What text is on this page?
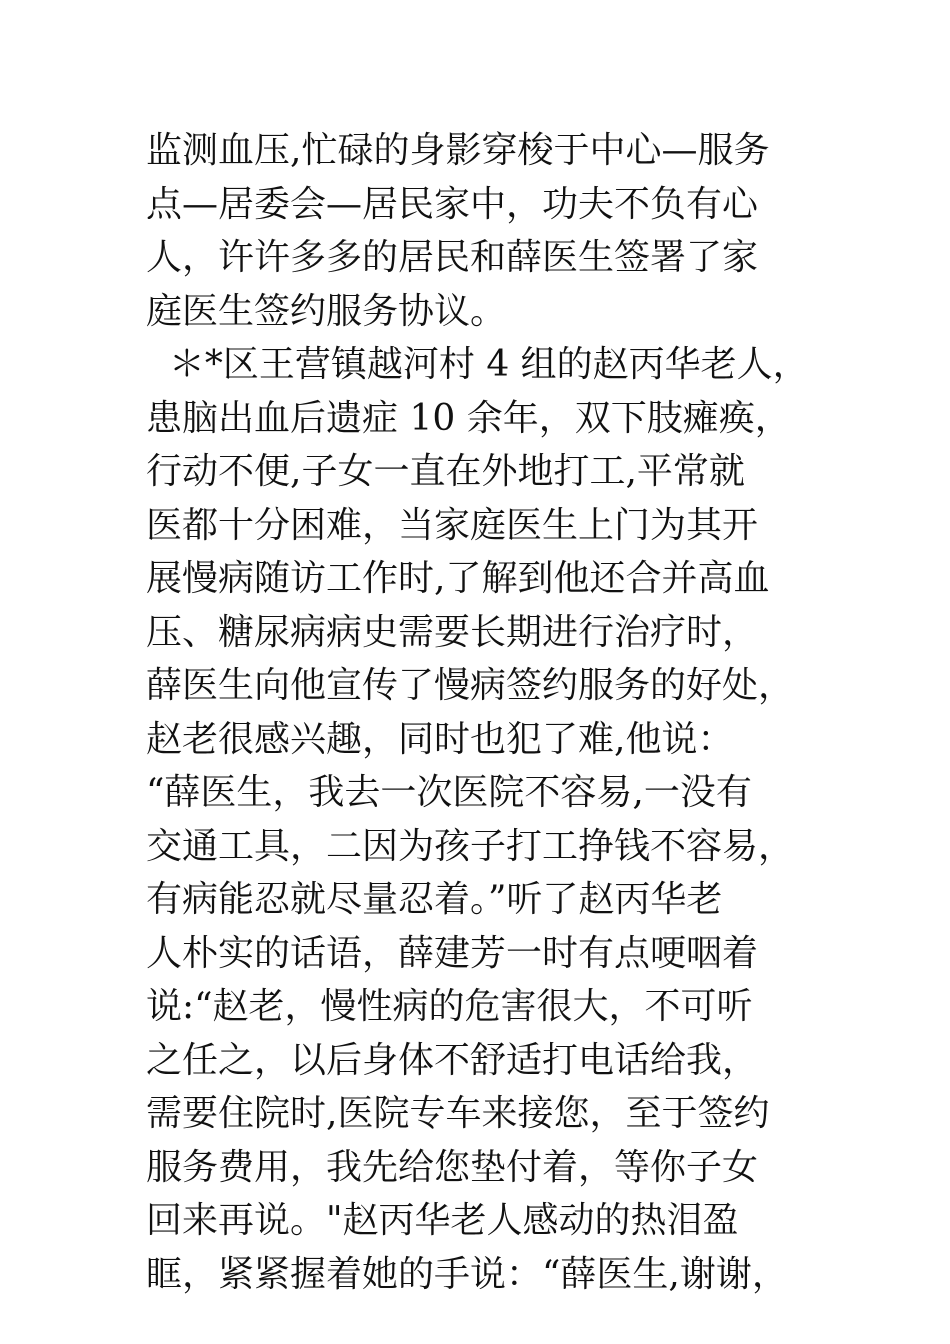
监测血压,忙碌的身影穿梭于中心—服务
点—居委会—居民家中，功夫不负有心
人，许许多多的居民和薛医生签署了家
庭医生签约服务协议。
＊*区王营镇越河村 4 组的赵丙华老人，
患脑出血后遗症 10 余年，双下肢瘫痪，
行动不便,子女一直在外地打工,平常就
医都十分困难，当家庭医生上门为其开
展慢病随访工作时,了解到他还合并高血
压、糖尿病病史需要长期进行治疗时，
薛医生向他宣传了慢病签约服务的好处，
赵老很感兴趣，同时也犯了难,他说：
“薛医生，我去一次医院不容易,一没有
交通工具，二因为孩子打工挣钱不容易，
有病能忍就尽量忍着。”听了赵丙华老
人朴实的话语，薛建芳一时有点哽咽着
说:“赵老，慢性病的危害很大，不可听
之任之，以后身体不舒适打电话给我，
需要住院时,医院专车来接您，至于签约
服务费用，我先给您垫付着，等你子女
回来再说。"赵丙华老人感动的热泪盈
眶，紧紧握着她的手说：“薛医生,谢谢，
